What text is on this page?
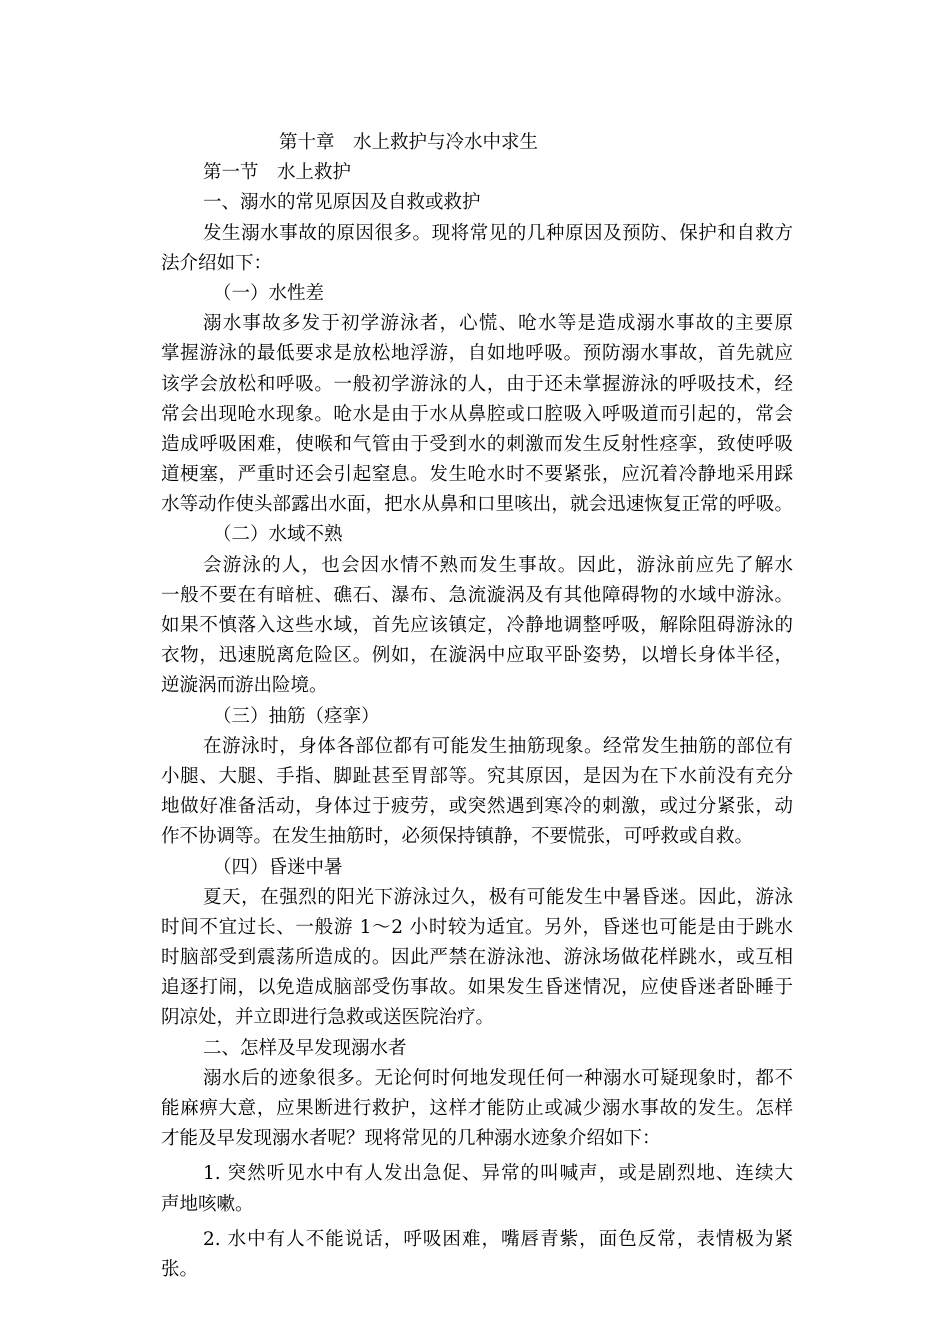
第十章　水上救护与冷水中求生

第一节　水上救护

一、溺水的常见原因及自救或救护

发生溺水事故的原因很多。现将常见的几种原因及预防、保护和自救方

法介绍如下：

（一）水性差

溺水事故多发于初学游泳者，心慌、呛水等是造成溺水事故的主要原

掌握游泳的最低要求是放松地浮游，自如地呼吸。预防溺水事故，首先就应

该学会放松和呼吸。一般初学游泳的人，由于还未掌握游泳的呼吸技术，经

常会出现呛水现象。呛水是由于水从鼻腔或口腔吸入呼吸道而引起的，常会

造成呼吸困难，使喉和气管由于受到水的刺激而发生反射性痉挛，致使呼吸

道梗塞，严重时还会引起窒息。发生呛水时不要紧张，应沉着冷静地采用踩

水等动作使头部露出水面，把水从鼻和口里咳出，就会迅速恢复正常的呼吸。

（二）水域不熟

会游泳的人，也会因水情不熟而发生事故。因此，游泳前应先了解水

一般不要在有暗桩、礁石、瀑布、急流漩涡及有其他障碍物的水域中游泳。

如果不慎落入这些水域，首先应该镇定，冷静地调整呼吸，解除阻碍游泳的

衣物，迅速脱离危险区。例如，在漩涡中应取平卧姿势，以增长身体半径，

逆漩涡而游出险境。

（三）抽筋（痉挛）

在游泳时，身体各部位都有可能发生抽筋现象。经常发生抽筋的部位有

小腿、大腿、手指、脚趾甚至胃部等。究其原因，是因为在下水前没有充分

地做好准备活动，身体过于疲劳，或突然遇到寒冷的刺激，或过分紧张，动

作不协调等。在发生抽筋时，必须保持镇静，不要慌张，可呼救或自救。

（四）昏迷中暑

夏天，在强烈的阳光下游泳过久，极有可能发生中暑昏迷。因此，游泳

时间不宜过长、一般游 1～2 小时较为适宜。另外，昏迷也可能是由于跳水

时脑部受到震荡所造成的。因此严禁在游泳池、游泳场做花样跳水，或互相

追逐打闹，以免造成脑部受伤事故。如果发生昏迷情况，应使昏迷者卧睡于

阴凉处，并立即进行急救或送医院治疗。

二、怎样及早发现溺水者

溺水后的迹象很多。无论何时何地发现任何一种溺水可疑现象时，都不

能麻痹大意，应果断进行救护，这样才能防止或减少溺水事故的发生。怎样

才能及早发现溺水者呢？现将常见的几种溺水迹象介绍如下：

1. 突然听见水中有人发出急促、异常的叫喊声，或是剧烈地、连续大

声地咳嗽。

2. 水中有人不能说话，呼吸困难，嘴唇青紫，面色反常，表情极为紧

张。
